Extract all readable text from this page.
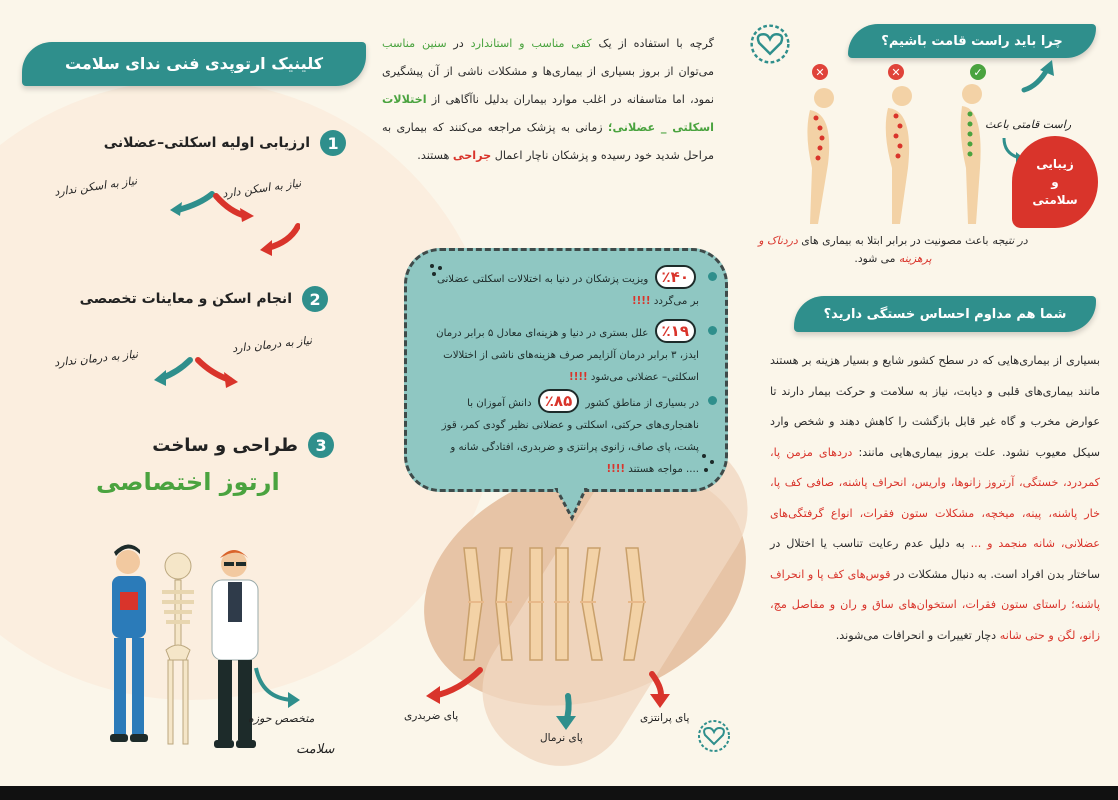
کلینیک ارتوپدی فنی ندای سلامت
1
ارزیابی اولیه اسکلتی–عضلانی
نیاز به اسکن دارد
نیاز به اسکن ندارد
2
انجام اسکن و معاینات تخصصی
نیاز به درمان دارد
نیاز به درمان ندارد
3
طراحی و ساخت
ارتوز اختصاصی
متخصص حوزه
سلامت
گرچه با استفاده از یک کفی مناسب و استاندارد در سنین مناسب می‌توان از بروز بسیاری از بیماری‌ها و مشکلات ناشی از آن پیشگیری نمود، اما متاسفانه در اغلب موارد بیماران بدلیل ناآگاهی از اختلالات اسکلتی _ عضلانی؛ زمانی به پزشک مراجعه می‌کنند که بیماری به مراحل شدید خود رسیده و پزشکان ناچار اعمال جراحی هستند.
٪۴۰ ویزیت پزشکان در دنیا به اختلالات اسکلتی عضلانی بر می‌گردد !!!!
٪۱۹ علل بستری در دنیا و هزینه‌ای معادل ۵ برابر درمان ایدز، ۳ برابر درمان آلزایمر صرف هزینه‌های ناشی از اختلالات اسکلتی– عضلانی می‌شود !!!!
در بسیاری از مناطق کشور ٪۸۵ دانش آموزان با ناهنجاری‌های حرکتی، اسکلتی و عضلانی نظیر گودی کمر، قوز پشت، پای صاف، زانوی پرانتزی و ضربدری، افتادگی شانه و .... مواجه هستند !!!!
پای ضربدری
پای نرمال
پای پرانتزی
چرا باید راست قامت باشیم؟
✕	✕	✓
راست قامتی باعث
زیبایی
و
سلامتی
در نتیجه باعث مصونیت در برابر ابتلا به بیماری های دردناک و پرهزینه می شود.
شما هم مداوم احساس خستگی دارید؟
بسیاری از بیماری‌هایی که در سطح کشور شایع و بسیار هزینه بر هستند مانند بیماری‌های قلبی و دیابت، نیاز به سلامت و حرکت بیمار دارند تا عوارض مخرب و گاه غیر قابل بازگشت را کاهش دهند و شخص وارد سیکل معیوب نشود. علت بروز بیماری‌هایی مانند: دردهای مزمن پا، کمردرد، خستگی، آرتروز زانوها، واریس، انحراف پاشنه، صافی کف پا، خار پاشنه، پینه، میخچه، مشکلات ستون فقرات، انواع گرفتگی‌های عضلانی، شانه منجمد و ... به دلیل عدم رعایت تناسب یا اختلال در ساختار بدن افراد است. به دنبال مشکلات در قوس‌های کف پا و انحراف پاشنه؛ راستای ستون فقرات، استخوان‌های ساق و ران و مفاصل مچ، زانو، لگن و حتی شانه دچار تغییرات و انحرافات می‌شوند.
